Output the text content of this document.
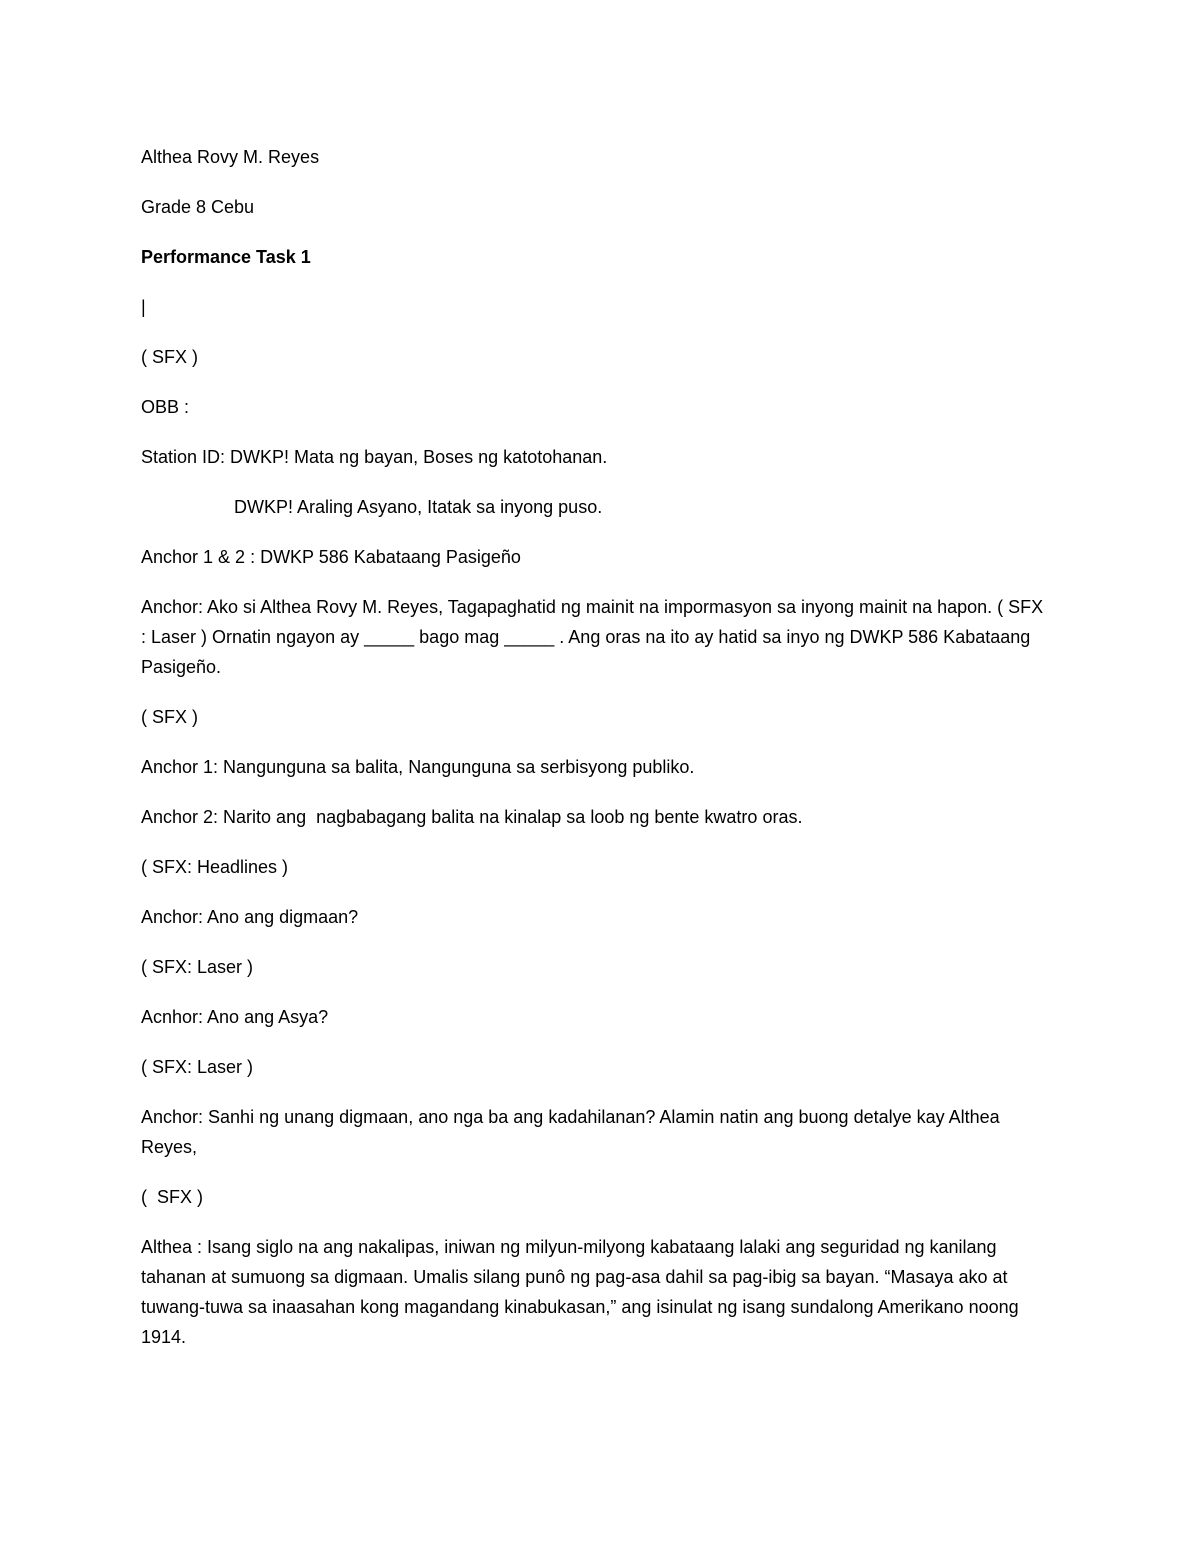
Althea Rovy M. Reyes

Grade 8 Cebu

Performance Task 1

|

( SFX )

OBB :

Station ID: DWKP! Mata ng bayan, Boses ng katotohanan.

DWKP! Araling Asyano, Itatak sa inyong puso.

Anchor 1 & 2 : DWKP 586 Kabataang Pasigeño

Anchor: Ako si Althea Rovy M. Reyes, Tagapaghatid ng mainit na impormasyon sa inyong mainit na hapon. ( SFX : Laser ) Ornatin ngayon ay _____ bago mag _____ . Ang oras na ito ay hatid sa inyo ng DWKP 586 Kabataang Pasigeño.

( SFX )

Anchor 1: Nangunguna sa balita, Nangunguna sa serbisyong publiko.

Anchor 2: Narito ang  nagbabagang balita na kinalap sa loob ng bente kwatro oras.

( SFX: Headlines )

Anchor: Ano ang digmaan?

( SFX: Laser )

Acnhor: Ano ang Asya?

( SFX: Laser )

Anchor: Sanhi ng unang digmaan, ano nga ba ang kadahilanan? Alamin natin ang buong detalye kay Althea Reyes,

(  SFX )

Althea : Isang siglo na ang nakalipas, iniwan ng milyun-milyong kabataang lalaki ang seguridad ng kanilang tahanan at sumuong sa digmaan. Umalis silang punô ng pag-asa dahil sa pag-ibig sa bayan. “Masaya ako at tuwang-tuwa sa inaasahan kong magandang kinabukasan,” ang isinulat ng isang sundalong Amerikano noong 1914.
